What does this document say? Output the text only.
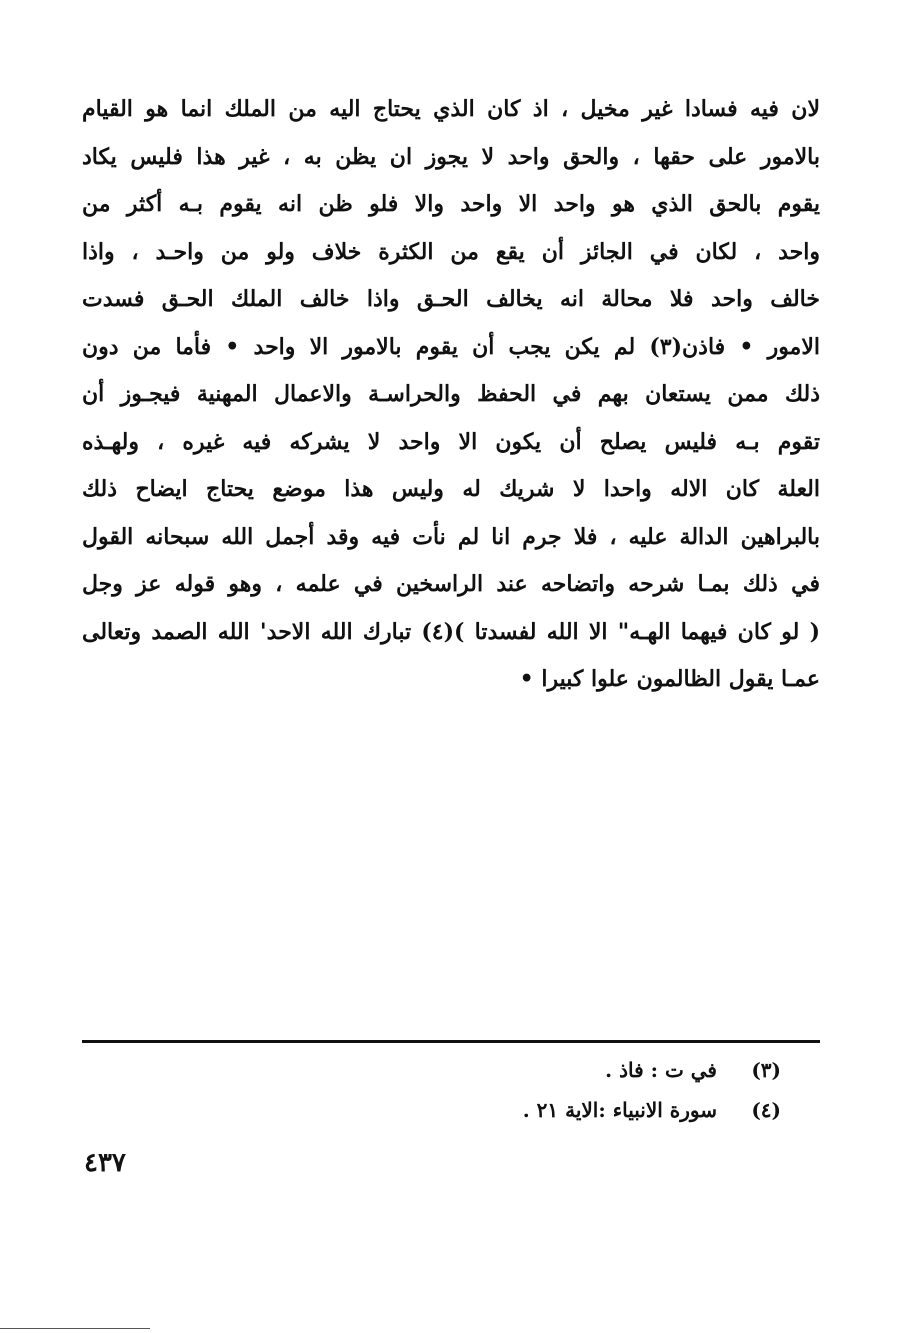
لان فيه فسادا غير مخيل ، اذ كان الذي يحتاج اليه من الملك انما هو القيام
بالامور على حقها ، والحق واحد لا يجوز ان يظن به ، غير هذا فليس يكاد
يقوم بالحق الذي هو واحد الا واحد والا فلو ظن انه يقوم بـه أكثر من
واحد ، لكان في الجائز أن يقع من الكثرة خلاف ولو من واحـد ، واذا
خالف واحد فلا محالة انه يخالف الحـق واذا خالف الملك الحـق فسدت
الامور • فاذن(٣) لم يكن يجب أن يقوم بالامور الا واحد • فأما من دون
ذلك ممن يستعان بهم في الحفظ والحراسـة والاعمال المهنية فيجـوز أن
تقوم بـه فليس يصلح أن يكون الا واحد لا يشركه فيه غيره ، ولهـذه
العلة كان الاله واحدا لا شريك له وليس هذا موضع يحتاج ايضاح ذلك
بالبراهين الدالة عليه ، فلا جرم انا لم نأت فيه وقد أجمل الله سبحانه القول
في ذلك بمـا شرحه واتضاحه عند الراسخين في علمه ، وهو قوله عز وجل
( لو كان فيهما الهـه" الا الله لفسدتا )(٤) تبارك الله الاحد' الله الصمد وتعالى
عمـا يقول الظالمون علوا كبيرا •
(٣)
في ت : فاذ .
(٤)
سورة الانبياء :الاية ٢١ .
٤٣٧
